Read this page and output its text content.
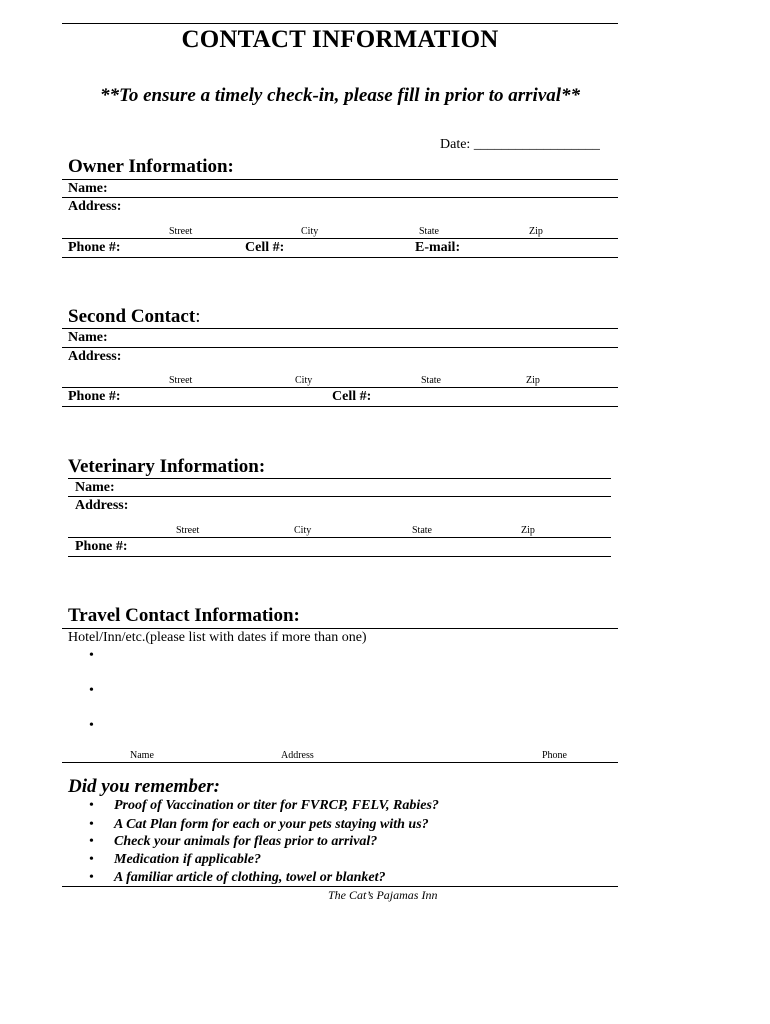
CONTACT INFORMATION
**To ensure a timely check-in, please fill in prior to arrival**
Date: __________________
Owner Information:
Name:
Address:
Street	City	State	Zip
Phone #:	Cell #:	E-mail:
Second Contact:
Name:
Address:
Street	City	State	Zip
Phone #:	Cell #:
Veterinary Information:
Name:
Address:
Street	City	State	Zip
Phone #:
Travel Contact Information:
Hotel/Inn/etc.(please list with dates if more than one)
•
•
•
Name	Address	Phone
Did you remember:
• Proof of Vaccination or titer for FVRCP, FELV, Rabies?
• A Cat Plan form for each or your pets staying with us?
• Check your animals for fleas prior to arrival?
• Medication if applicable?
• A familiar article of clothing, towel or blanket?
The Cat’s Pajamas Inn
